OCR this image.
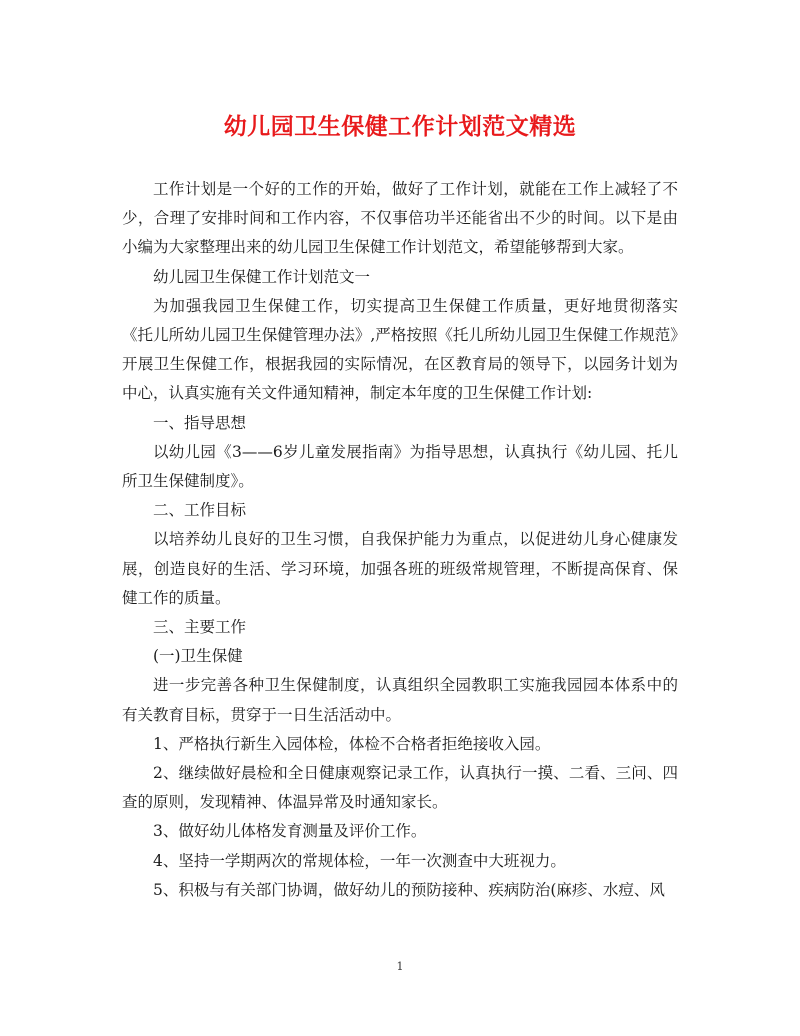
幼儿园卫生保健工作计划范文精选

工作计划是一个好的工作的开始，做好了工作计划，就能在工作上减轻了不少，合理了安排时间和工作内容，不仅事倍功半还能省出不少的时间。以下是由小编为大家整理出来的幼儿园卫生保健工作计划范文，希望能够帮到大家。

幼儿园卫生保健工作计划范文一

为加强我园卫生保健工作，切实提高卫生保健工作质量，更好地贯彻落实《托儿所幼儿园卫生保健管理办法》,严格按照《托儿所幼儿园卫生保健工作规范》开展卫生保健工作，根据我园的实际情况，在区教育局的领导下，以园务计划为中心，认真实施有关文件通知精神，制定本年度的卫生保健工作计划:

一、指导思想

以幼儿园《3——6岁儿童发展指南》为指导思想，认真执行《幼儿园、托儿所卫生保健制度》。

二、工作目标

以培养幼儿良好的卫生习惯，自我保护能力为重点，以促进幼儿身心健康发展，创造良好的生活、学习环境，加强各班的班级常规管理，不断提高保育、保健工作的质量。

三、主要工作

(一)卫生保健

进一步完善各种卫生保健制度，认真组织全园教职工实施我园园本体系中的有关教育目标，贯穿于一日生活活动中。

1、严格执行新生入园体检，体检不合格者拒绝接收入园。

2、继续做好晨检和全日健康观察记录工作，认真执行一摸、二看、三问、四查的原则，发现精神、体温异常及时通知家长。

3、做好幼儿体格发育测量及评价工作。

4、坚持一学期两次的常规体检，一年一次测查中大班视力。

5、积极与有关部门协调，做好幼儿的预防接种、疾病防治(麻疹、水痘、风

1
